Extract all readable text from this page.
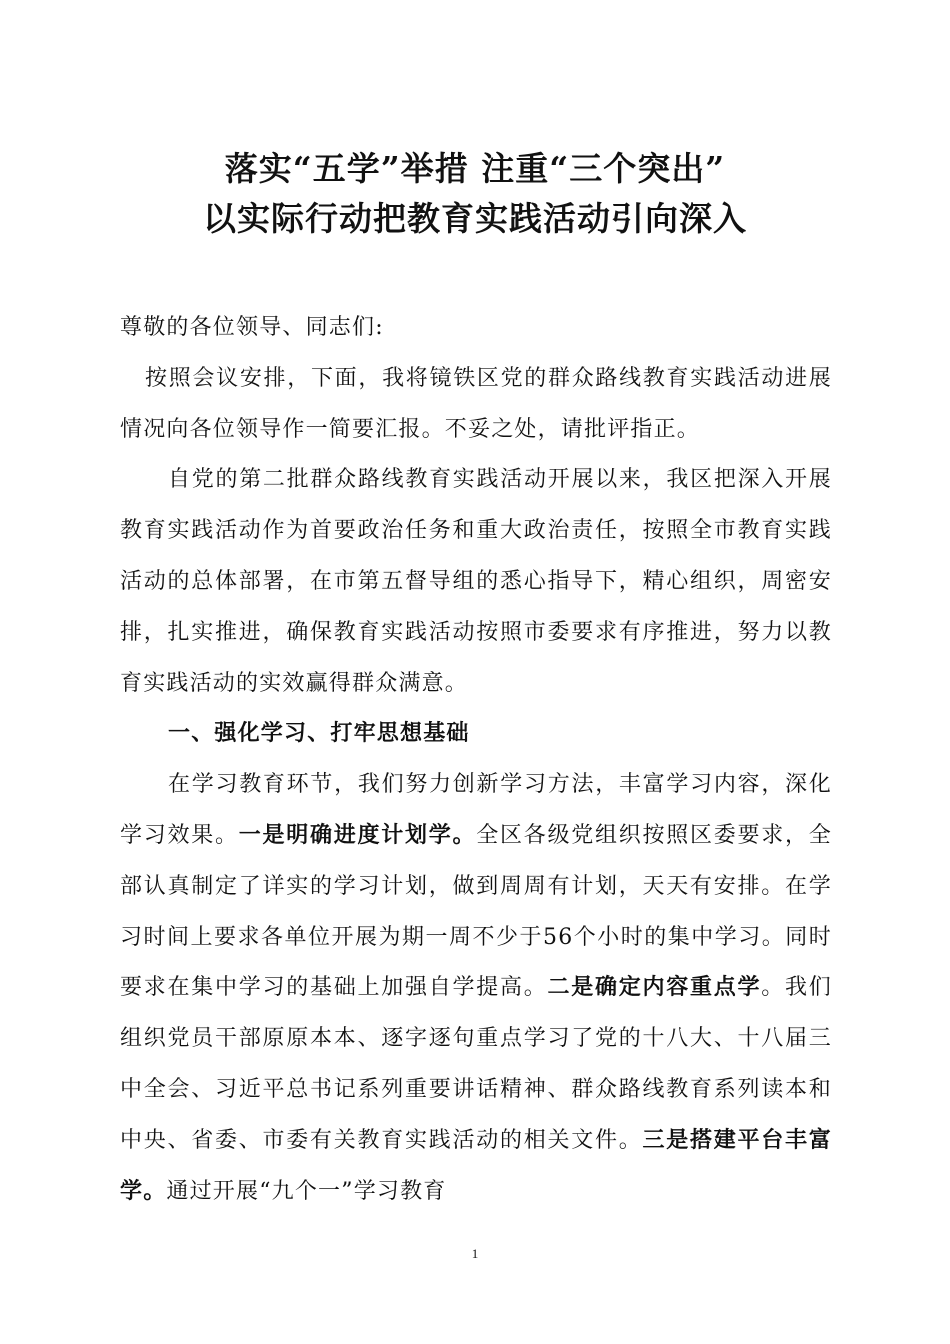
落实“五学”举措 注重“三个突出”
以实际行动把教育实践活动引向深入

尊敬的各位领导、同志们:

按照会议安排，下面，我将镜铁区党的群众路线教育实践活动进展情况向各位领导作一简要汇报。不妥之处，请批评指正。

自党的第二批群众路线教育实践活动开展以来，我区把深入开展教育实践活动作为首要政治任务和重大政治责任，按照全市教育实践活动的总体部署，在市第五督导组的悉心指导下，精心组织，周密安排，扎实推进，确保教育实践活动按照市委要求有序推进，努力以教育实践活动的实效赢得群众满意。

一、强化学习、打牢思想基础

在学习教育环节，我们努力创新学习方法，丰富学习内容，深化学习效果。一是明确进度计划学。全区各级党组织按照区委要求，全部认真制定了详实的学习计划，做到周周有计划，天天有安排。在学习时间上要求各单位开展为期一周不少于56个小时的集中学习。同时要求在集中学习的基础上加强自学提高。二是确定内容重点学。我们组织党员干部原原本本、逐字逐句重点学习了党的十八大、十八届三中全会、习近平总书记系列重要讲话精神、群众路线教育系列读本和中央、省委、市委有关教育实践活动的相关文件。三是搭建平台丰富学。通过开展“九个一”学习教育

1
